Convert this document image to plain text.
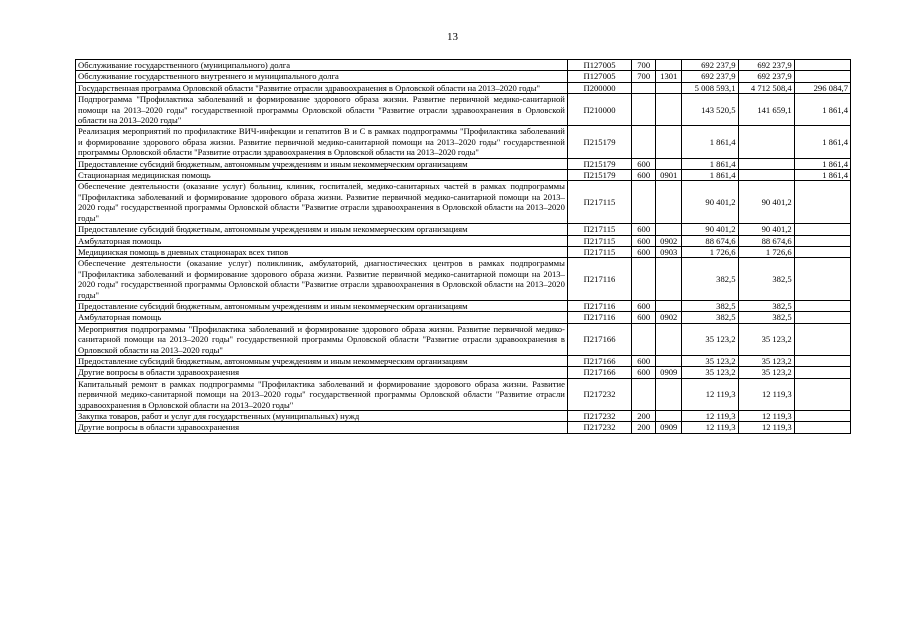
13
Обслуживание государственного (муниципального) долга	П127005	700		692 237,9	692 237,9	
Обслуживание государственного внутреннего и муниципального долга	П127005	700	1301	692 237,9	692 237,9	
Государственная программа Орловской области "Развитие отрасли здравоохранения в Орловской области на 2013–2020 годы"	П200000			5 008 593,1	4 712 508,4	296 084,7
Подпрограмма "Профилактика заболеваний и формирование здорового образа жизни. Развитие первичной медико-санитарной помощи на 2013–2020 годы" государственной программы Орловской области "Развитие отрасли здравоохранения в Орловской области на 2013–2020 годы"	П210000			143 520,5	141 659,1	1 861,4
Реализация мероприятий по профилактике ВИЧ-инфекции и гепатитов В и С в рамках подпрограммы "Профилактика заболеваний и формирование здорового образа жизни. Развитие первичной медико-санитарной помощи на 2013–2020 годы" государственной программы Орловской области "Развитие отрасли здравоохранения в Орловской области на 2013–2020 годы"	П215179			1 861,4		1 861,4
Предоставление субсидий бюджетным, автономным учреждениям и иным некоммерческим организациям	П215179	600		1 861,4		1 861,4
Стационарная медицинская помощь	П215179	600	0901	1 861,4		1 861,4
Обеспечение деятельности (оказание услуг) больниц, клиник, госпиталей, медико-санитарных частей в рамках подпрограммы "Профилактика заболеваний и формирование здорового образа жизни. Развитие первичной медико-санитарной помощи на 2013–2020 годы" государственной программы Орловской области "Развитие отрасли здравоохранения в Орловской области на 2013–2020 годы"	П217115			90 401,2	90 401,2	
Предоставление субсидий бюджетным, автономным учреждениям и иным некоммерческим организациям	П217115	600		90 401,2	90 401,2	
Амбулаторная помощь	П217115	600	0902	88 674,6	88 674,6	
Медицинская помощь в дневных стационарах всех типов	П217115	600	0903	1 726,6	1 726,6	
Обеспечение деятельности (оказание услуг) поликлиник, амбулаторий, диагностических центров в рамках подпрограммы "Профилактика заболеваний и формирование здорового образа жизни. Развитие первичной медико-санитарной помощи на 2013–2020 годы" государственной программы Орловской области "Развитие отрасли здравоохранения в Орловской области на 2013–2020 годы"	П217116			382,5	382,5	
Предоставление субсидий бюджетным, автономным учреждениям и иным некоммерческим организациям	П217116	600		382,5	382,5	
Амбулаторная помощь	П217116	600	0902	382,5	382,5	
Мероприятия подпрограммы "Профилактика заболеваний и формирование здорового образа жизни. Развитие первичной медико-санитарной помощи на 2013–2020 годы" государственной программы Орловской области "Развитие отрасли здравоохранения в Орловской области на 2013–2020 годы"	П217166			35 123,2	35 123,2	
Предоставление субсидий бюджетным, автономным учреждениям и иным некоммерческим организациям	П217166	600		35 123,2	35 123,2	
Другие вопросы в области здравоохранения	П217166	600	0909	35 123,2	35 123,2	
Капитальный ремонт в рамках подпрограммы "Профилактика заболеваний и формирование здорового образа жизни. Развитие первичной медико-санитарной помощи на 2013–2020 годы" государственной программы Орловской области "Развитие отрасли здравоохранения в Орловской области на 2013–2020 годы"	П217232			12 119,3	12 119,3	
Закупка товаров, работ и услуг для государственных (муниципальных) нужд	П217232	200		12 119,3	12 119,3	
Другие вопросы в области здравоохранения	П217232	200	0909	12 119,3	12 119,3	
